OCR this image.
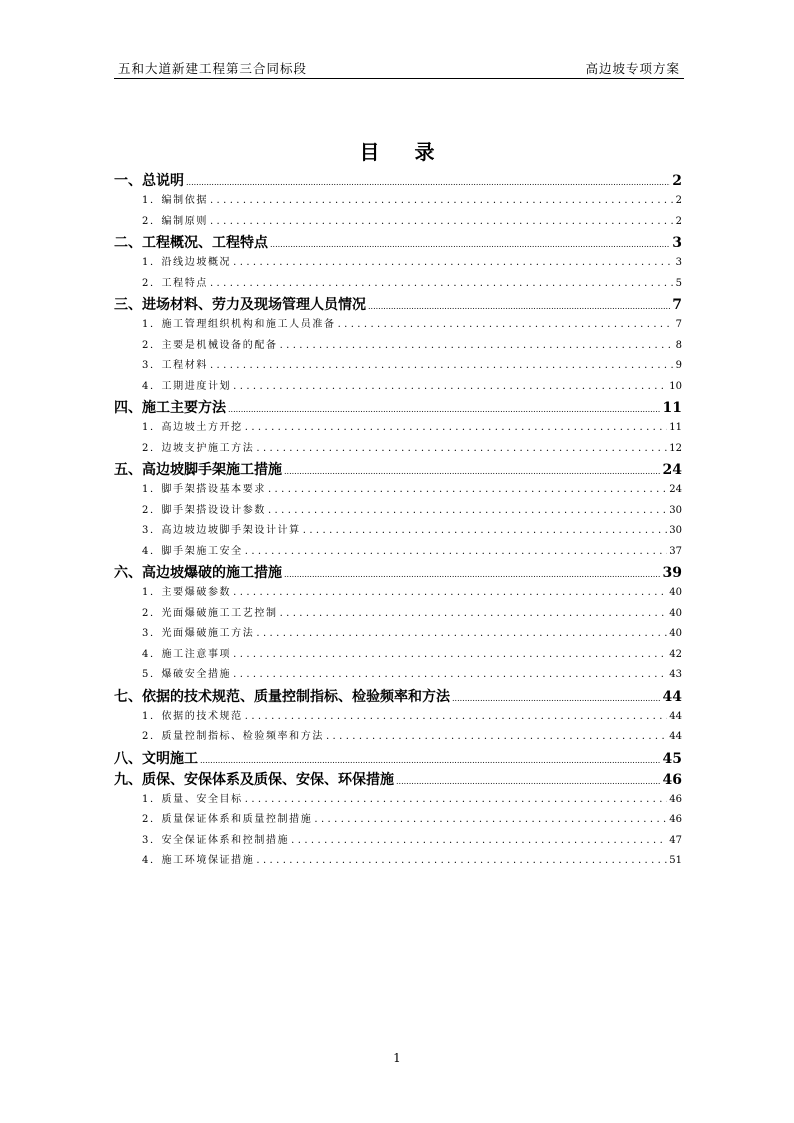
五和大道新建工程第三合同标段	高边坡专项方案
目 录
一、总说明 .....	2
1．编制依据 .....	2
2．编制原则 .....	2
二、工程概况、工程特点 .....	3
1．沿线边坡概况 .....	3
2．工程特点 .....	5
三、进场材料、劳力及现场管理人员情况 .....	7
1．施工管理组织机构和施工人员准备 .....	7
2．主要是机械设备的配备 .....	8
3．工程材料 .....	9
4．工期进度计划 .....	10
四、施工主要方法 .....	11
1．高边坡土方开挖 .....	11
2．边坡支护施工方法 .....	12
五、高边坡脚手架施工措施 .....	24
1．脚手架搭设基本要求 .....	24
2．脚手架搭设设计参数 .....	30
3．高边坡边坡脚手架设计计算 .....	30
4．脚手架施工安全 .....	37
六、高边坡爆破的施工措施 .....	39
1．主要爆破参数 .....	40
2．光面爆破施工工艺控制 .....	40
3．光面爆破施工方法 .....	40
4．施工注意事项 .....	42
5．爆破安全措施 .....	43
七、依据的技术规范、质量控制指标、检验频率和方法 .....	44
1．依据的技术规范 .....	44
2．质量控制指标、检验频率和方法 .....	44
八、文明施工 .....	45
九、质保、安保体系及质保、安保、环保措施 .....	46
1．质量、安全目标 .....	46
2．质量保证体系和质量控制措施 .....	46
3．安全保证体系和控制措施 .....	47
4．施工环境保证措施 .....	51
1
